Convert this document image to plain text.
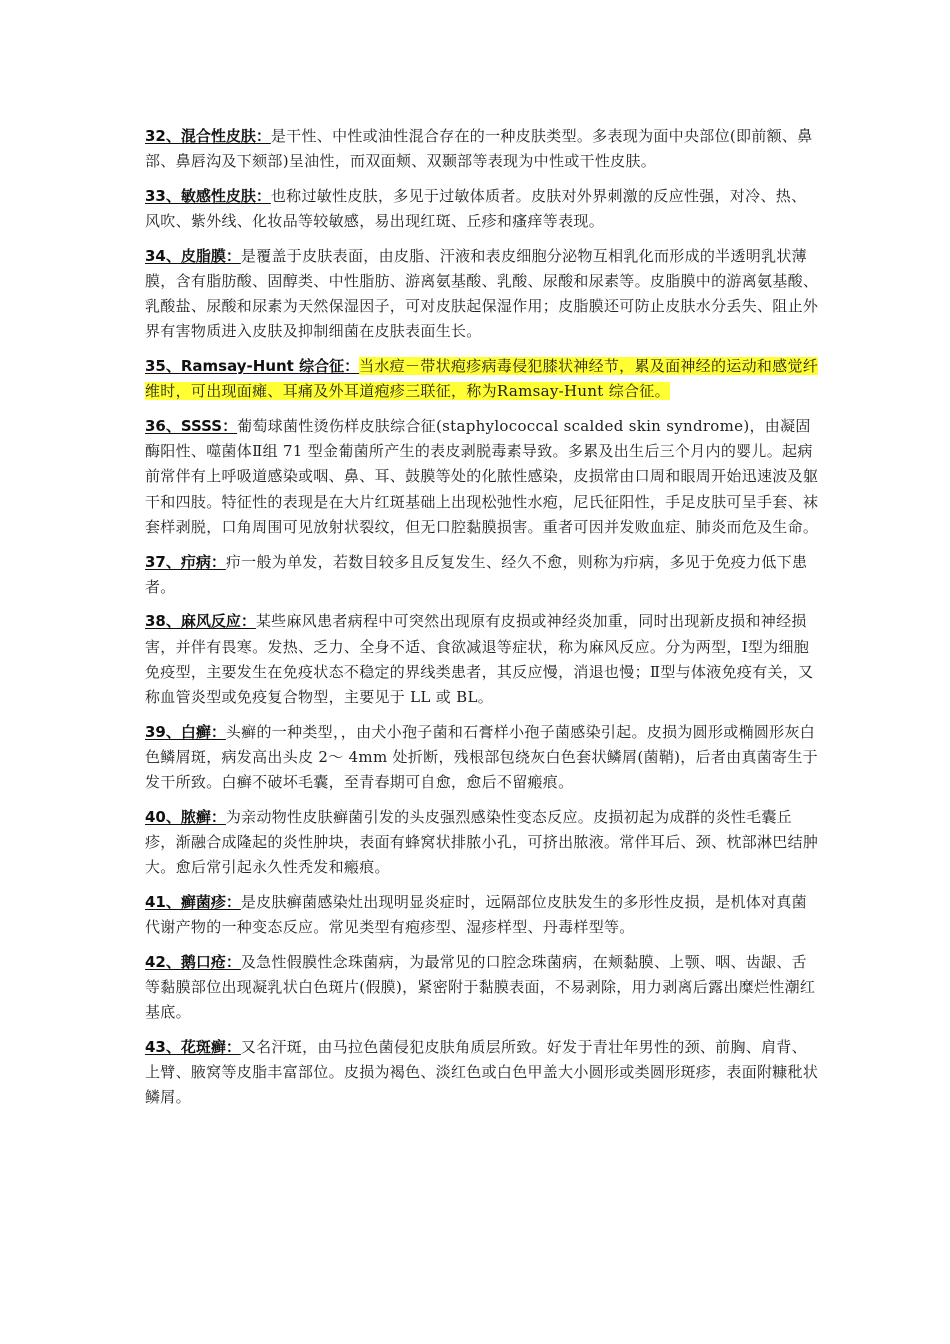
32、混合性皮肤：是干性、中性或油性混合存在的一种皮肤类型。多表现为面中央部位(即前额、鼻部、鼻唇沟及下颏部)呈油性，而双面颊、双颞部等表现为中性或干性皮肤。

33、敏感性皮肤：也称过敏性皮肤，多见于过敏体质者。皮肤对外界刺激的反应性强，对冷、热、风吹、紫外线、化妆品等较敏感，易出现红斑、丘疹和瘙痒等表现。

34、皮脂膜：是覆盖于皮肤表面，由皮脂、汗液和表皮细胞分泌物互相乳化而形成的半透明乳状薄膜，含有脂肪酸、固醇类、中性脂肪、游离氨基酸、乳酸、尿酸和尿素等。皮脂膜中的游离氨基酸、乳酸盐、尿酸和尿素为天然保湿因子，可对皮肤起保湿作用；皮脂膜还可防止皮肤水分丢失、阻止外界有害物质进入皮肤及抑制细菌在皮肤表面生长。

35、Ramsay-Hunt 综合征：当水痘－带状疱疹病毒侵犯膝状神经节，累及面神经的运动和感觉纤维时，可出现面瘫、耳痛及外耳道疱疹三联征，称为Ramsay-Hunt 综合征。

36、SSSS：葡萄球菌性烫伤样皮肤综合征(staphylococcal scalded skin syndrome)，由凝固酶阳性、噬菌体Ⅱ组 71 型金葡菌所产生的表皮剥脱毒素导致。多累及出生后三个月内的婴儿。起病前常伴有上呼吸道感染或咽、鼻、耳、鼓膜等处的化脓性感染，皮损常由口周和眼周开始迅速波及躯干和四肢。特征性的表现是在大片红斑基础上出现松弛性水疱，尼氏征阳性，手足皮肤可呈手套、袜套样剥脱，口角周围可见放射状裂纹，但无口腔黏膜损害。重者可因并发败血症、肺炎而危及生命。

37、疖病：疖一般为单发，若数目较多且反复发生、经久不愈，则称为疖病，多见于免疫力低下患者。

38、麻风反应：某些麻风患者病程中可突然出现原有皮损或神经炎加重，同时出现新皮损和神经损害，并伴有畏寒。发热、乏力、全身不适、食欲减退等症状，称为麻风反应。分为两型，Ⅰ型为细胞免疫型，主要发生在免疫状态不稳定的界线类患者，其反应慢，消退也慢；Ⅱ型与体液免疫有关，又称血管炎型或免疫复合物型，主要见于 LL 或 BL。

39、白癣：头癣的一种类型，，由犬小孢子菌和石膏样小孢子菌感染引起。皮损为圆形或椭圆形灰白色鳞屑斑，病发高出头皮 2～ 4mm 处折断，残根部包绕灰白色套状鳞屑(菌鞘)，后者由真菌寄生于发干所致。白癣不破坏毛囊，至青春期可自愈，愈后不留瘢痕。

40、脓癣：为亲动物性皮肤癣菌引发的头皮强烈感染性变态反应。皮损初起为成群的炎性毛囊丘疹，渐融合成隆起的炎性肿块，表面有蜂窝状排脓小孔，可挤出脓液。常伴耳后、颈、枕部淋巴结肿大。愈后常引起永久性秃发和瘢痕。

41、癣菌疹：是皮肤癣菌感染灶出现明显炎症时，远隔部位皮肤发生的多形性皮损，是机体对真菌代谢产物的一种变态反应。常见类型有疱疹型、湿疹样型、丹毒样型等。

42、鹅口疮：及急性假膜性念珠菌病，为最常见的口腔念珠菌病，在颊黏膜、上颚、咽、齿龈、舌等黏膜部位出现凝乳状白色斑片(假膜)，紧密附于黏膜表面，不易剥除，用力剥离后露出糜烂性潮红基底。

43、花斑癣：又名汗斑，由马拉色菌侵犯皮肤角质层所致。好发于青壮年男性的颈、前胸、肩背、上臂、腋窝等皮脂丰富部位。皮损为褐色、淡红色或白色甲盖大小圆形或类圆形斑疹，表面附糠秕状鳞屑。
